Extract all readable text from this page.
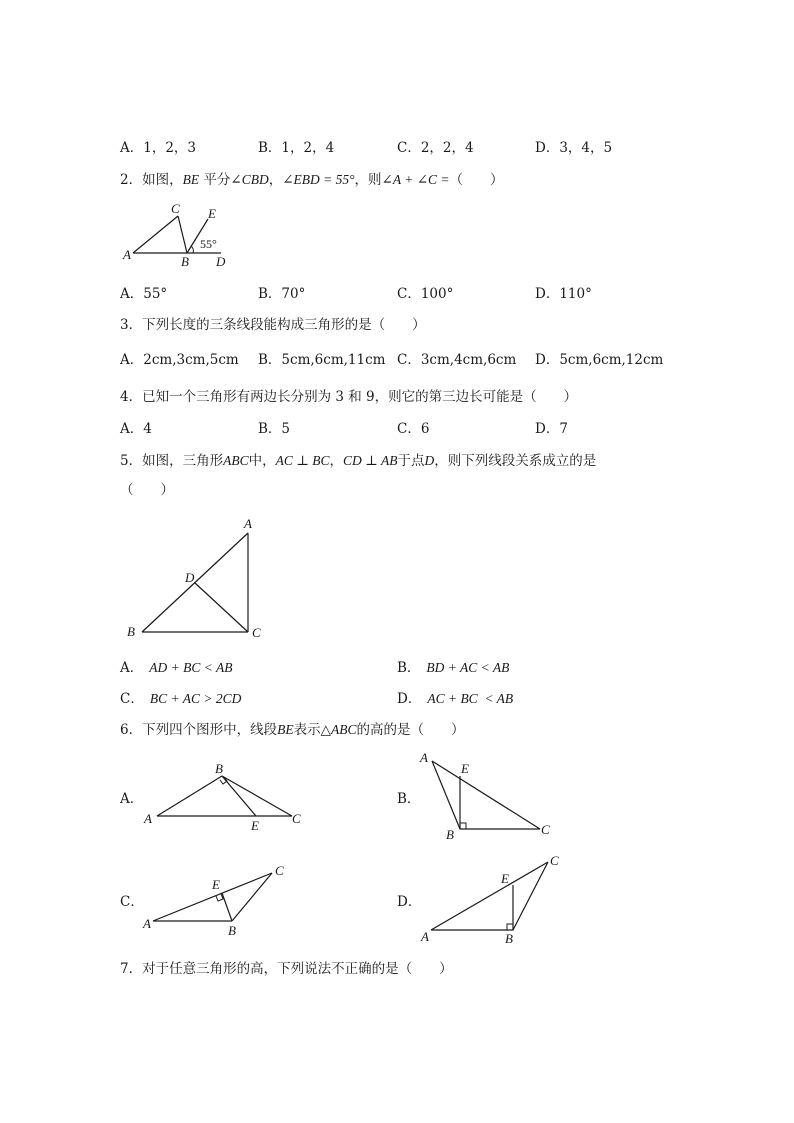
A．1，2，3	B．1，2，4	C．2，2，4	D．3，4，5
2．如图，BE 平分∠CBD，∠EBD = 55°，则∠A + ∠C =（　　）
A
C
B D
E
55°
A．55°	B．70°	C．100°	D．110°
3．下列长度的三条线段能构成三角形的是（　　）
A．2cm,3cm,5cm B．5cm,6cm,11cm C．3cm,4cm,6cm D．5cm,6cm,12cm
4．已知一个三角形有两边长分别为 3 和 9，则它的第三边长可能是（　　）
A．4	B．5	C．6	D．7
5．如图，三角形ABC中，AC ⊥ BC，CD ⊥ AB于点D，则下列线段关系成立的是
（　　）
A
B	C
D
A． AD + BC < AB	B． BD + AC < AB
C． BC + AC > 2CD	D． AC + BC  < AB
6．下列四个图形中，线段BE表示△ABC的高的是（　　）
A．	B．
C．	D．
A
B
E	C
A
E
B	C
A
E
B
C
A
E
B
C
7．对于任意三角形的高，下列说法不正确的是（　　）
